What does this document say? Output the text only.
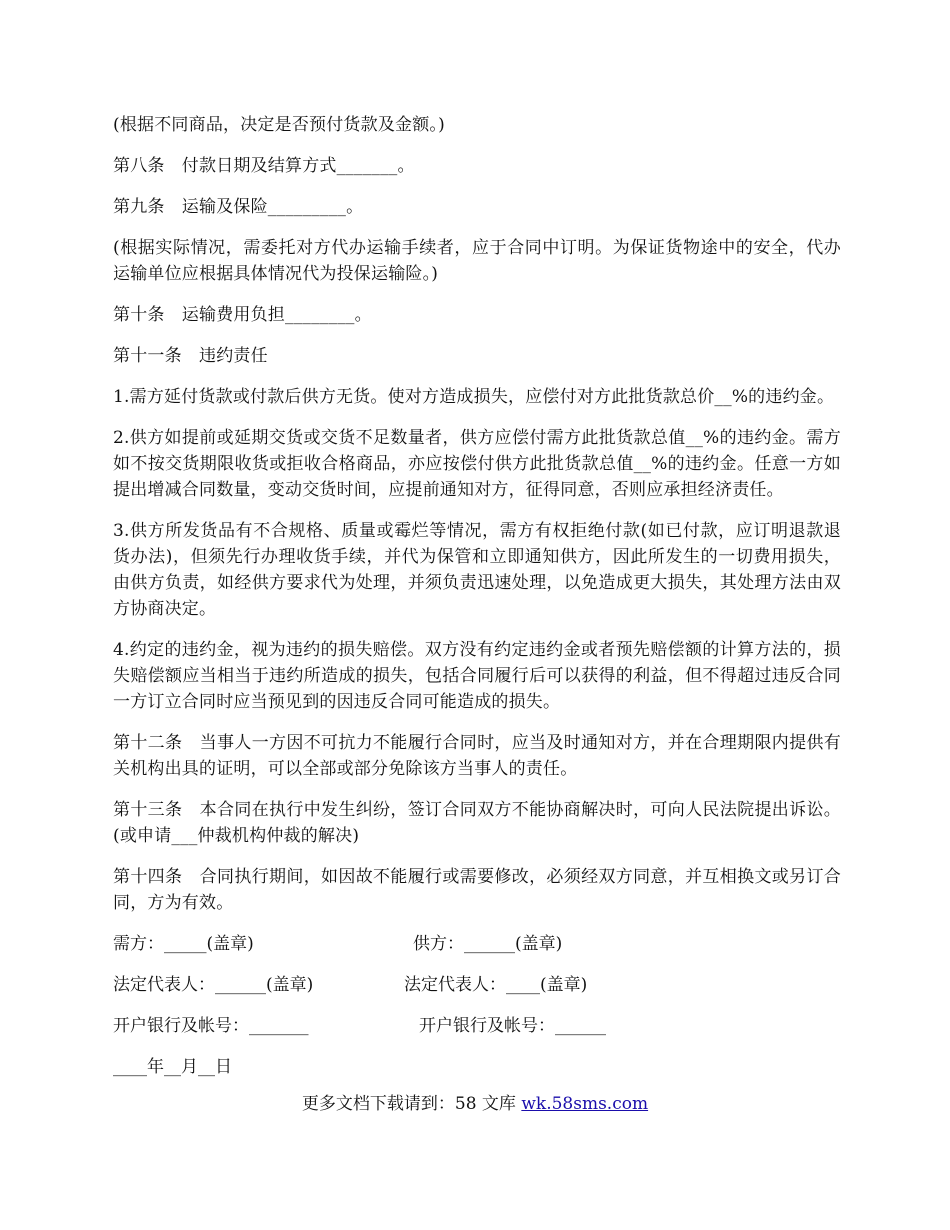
(根据不同商品，决定是否预付货款及金额。)

第八条　付款日期及结算方式_______。

第九条　运输及保险_________。

(根据实际情况，需委托对方代办运输手续者，应于合同中订明。为保证货物途中的安全，代办运输单位应根据具体情况代为投保运输险。)

第十条　运输费用负担________。

第十一条　违约责任

1.需方延付货款或付款后供方无货。使对方造成损失，应偿付对方此批货款总价__%的违约金。

2.供方如提前或延期交货或交货不足数量者，供方应偿付需方此批货款总值__%的违约金。需方如不按交货期限收货或拒收合格商品，亦应按偿付供方此批货款总值__%的违约金。任意一方如提出增减合同数量，变动交货时间，应提前通知对方，征得同意，否则应承担经济责任。

3.供方所发货品有不合规格、质量或霉烂等情况，需方有权拒绝付款(如已付款，应订明退款退货办法)，但须先行办理收货手续，并代为保管和立即通知供方，因此所发生的一切费用损失，由供方负责，如经供方要求代为处理，并须负责迅速处理，以免造成更大损失，其处理方法由双方协商决定。

4.约定的违约金，视为违约的损失赔偿。双方没有约定违约金或者预先赔偿额的计算方法的，损失赔偿额应当相当于违约所造成的损失，包括合同履行后可以获得的利益，但不得超过违反合同一方订立合同时应当预见到的因违反合同可能造成的损失。

第十二条　当事人一方因不可抗力不能履行合同时，应当及时通知对方，并在合理期限内提供有关机构出具的证明，可以全部或部分免除该方当事人的责任。

第十三条　本合同在执行中发生纠纷，签订合同双方不能协商解决时，可向人民法院提出诉讼。(或申请___仲裁机构仲裁的解决)

第十四条　合同执行期间，如因故不能履行或需要修改，必须经双方同意，并互相换文或另订合同，方为有效。

需方：_____(盖章)

	供方：______(盖章)

法定代表人：______(盖章)

	法定代表人：____(盖章)

开户银行及帐号：_______

	开户银行及帐号：______

____年__月__日

更多文档下载请到：58 文库 wk.58sms.com
